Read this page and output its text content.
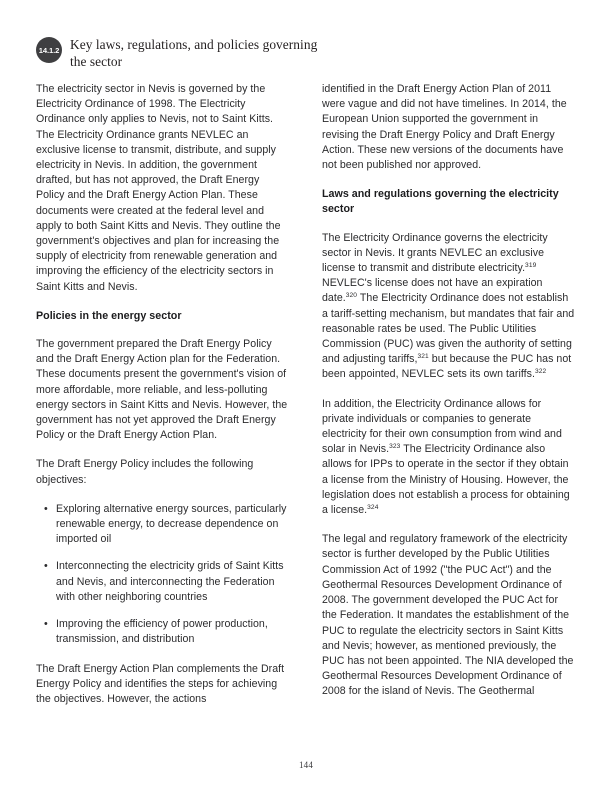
14.1.2 Key laws, regulations, and policies governing the sector

The electricity sector in Nevis is governed by the Electricity Ordinance of 1998. The Electricity Ordinance only applies to Nevis, not to Saint Kitts. The Electricity Ordinance grants NEVLEC an exclusive license to transmit, distribute, and supply electricity in Nevis. In addition, the government drafted, but has not approved, the Draft Energy Policy and the Draft Energy Action Plan. These documents were created at the federal level and apply to both Saint Kitts and Nevis. They outline the government's objectives and plan for increasing the supply of electricity from renewable generation and improving the efficiency of the electricity sectors in Saint Kitts and Nevis.

Policies in the energy sector

The government prepared the Draft Energy Policy and the Draft Energy Action plan for the Federation. These documents present the government's vision of more affordable, more reliable, and less-polluting energy sectors in Saint Kitts and Nevis. However, the government has not yet approved the Draft Energy Policy or the Draft Energy Action Plan.

The Draft Energy Policy includes the following objectives:

• Exploring alternative energy sources, particularly renewable energy, to decrease dependence on imported oil
• Interconnecting the electricity grids of Saint Kitts and Nevis, and interconnecting the Federation with other neighboring countries
• Improving the efficiency of power production, transmission, and distribution

The Draft Energy Action Plan complements the Draft Energy Policy and identifies the steps for achieving the objectives. However, the actions

identified in the Draft Energy Action Plan of 2011 were vague and did not have timelines. In 2014, the European Union supported the government in revising the Draft Energy Policy and Draft Energy Action. These new versions of the documents have not been published nor approved.

Laws and regulations governing the electricity sector

The Electricity Ordinance governs the electricity sector in Nevis. It grants NEVLEC an exclusive license to transmit and distribute electricity.$^{319}$ NEVLEC's license does not have an expiration date.$^{320}$ The Electricity Ordinance does not establish a tariff-setting mechanism, but mandates that fair and reasonable rates be used. The Public Utilities Commission (PUC) was given the authority of setting and adjusting tariffs,$^{321}$ but because the PUC has not been appointed, NEVLEC sets its own tariffs.$^{322}$

In addition, the Electricity Ordinance allows for private individuals or companies to generate electricity for their own consumption from wind and solar in Nevis.$^{323}$ The Electricity Ordinance also allows for IPPs to operate in the sector if they obtain a license from the Ministry of Housing. However, the legislation does not establish a process for obtaining a license.$^{324}$

The legal and regulatory framework of the electricity sector is further developed by the Public Utilities Commission Act of 1992 ("the PUC Act") and the Geothermal Resources Development Ordinance of 2008. The government developed the PUC Act for the Federation. It mandates the establishment of the PUC to regulate the electricity sectors in Saint Kitts and Nevis; however, as mentioned previously, the PUC has not been appointed. The NIA developed the Geothermal Resources Development Ordinance of 2008 for the island of Nevis. The Geothermal

144
